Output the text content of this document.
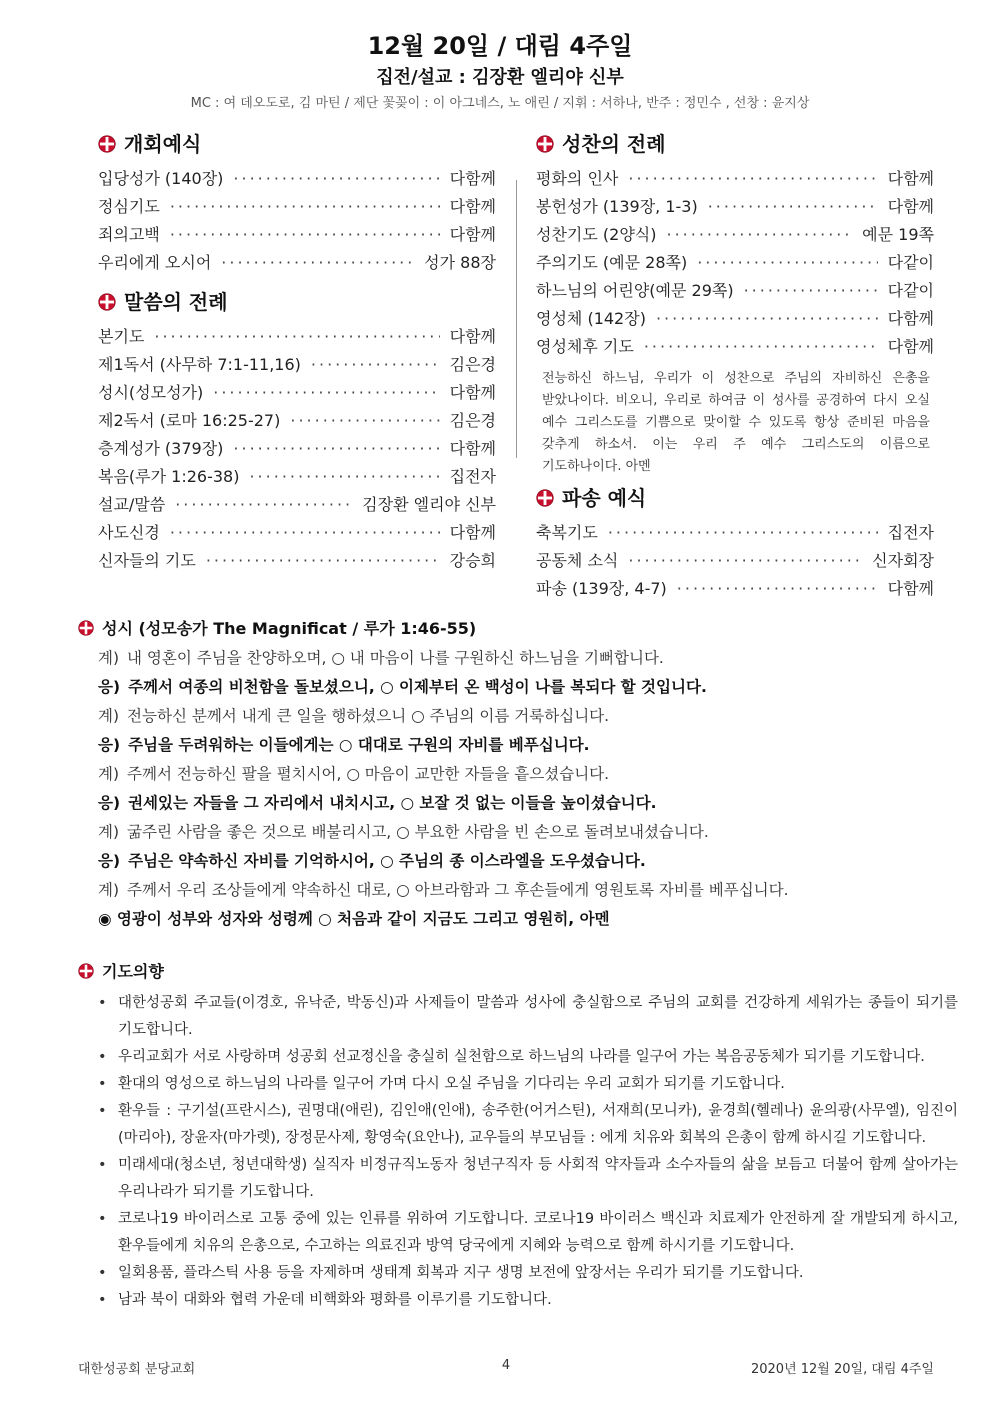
12월 20일 / 대림 4주일
집전/설교 : 김장환 엘리야 신부
MC : 여 데오도로, 김 마틴 / 제단 꽃꽂이 : 이 아그네스, 노 애린 / 지휘 : 서하나, 반주 : 정민수 , 선창 : 윤지상
개회예식
입당성가 (140장) ·····	다함께
정심기도 ·····	다함께
죄의고백 ·····	다함께
우리에게 오시어 ·····	성가 88장
말씀의 전례
본기도 ·····	다함께
제1독서 (사무하 7:1-11,16) ·····	김은경
성시(성모성가) ·····	다함께
제2독서 (로마 16:25-27) ·····	김은경
층계성가 (379장) ·····	다함께
복음(루가 1:26-38) ·····	집전자
설교/말씀 ·····	김장환 엘리야 신부
사도신경 ·····	다함께
신자들의 기도 ·····	강승희
성찬의 전례
평화의 인사 ·····	다함께
봉헌성가 (139장, 1-3) ·····	다함께
성찬기도 (2양식) ·····	예문 19쪽
주의기도 (예문 28쪽) ·····	다같이
하느님의 어린양(예문 29쪽) ·····	다같이
영성체 (142장) ·····	다함께
영성체후 기도 ·····	다함께
전능하신 하느님, 우리가 이 성찬으로 주님의 자비하신 은총을 받았나이다. 비오니, 우리로 하여금 이 성사를 공경하여 다시 오실 예수 그리스도를 기쁨으로 맞이할 수 있도록 항상 준비된 마음을 갖추게 하소서. 이는 우리 주 예수 그리스도의 이름으로 기도하나이다. 아멘
파송 예식
축복기도 ·····	집전자
공동체 소식 ·····	신자회장
파송 (139장, 4-7) ·····	다함께
성시 (성모송가 The Magnificat / 루가 1:46-55)
계) 내 영혼이 주님을 찬양하오며, ○ 내 마음이 나를 구원하신 하느님을 기뻐합니다.
응) 주께서 여종의 비천함을 돌보셨으니, ○ 이제부터 온 백성이 나를 복되다 할 것입니다.
계) 전능하신 분께서 내게 큰 일을 행하셨으니 ○ 주님의 이름 거룩하십니다.
응) 주님을 두려워하는 이들에게는 ○ 대대로 구원의 자비를 베푸십니다.
계) 주께서 전능하신 팔을 펼치시어, ○ 마음이 교만한 자들을 흩으셨습니다.
응) 권세있는 자들을 그 자리에서 내치시고, ○ 보잘 것 없는 이들을 높이셨습니다.
계) 굶주린 사람을 좋은 것으로 배불리시고, ○ 부요한 사람을 빈 손으로 돌려보내셨습니다.
응) 주님은 약속하신 자비를 기억하시어, ○ 주님의 종 이스라엘을 도우셨습니다.
계) 주께서 우리 조상들에게 약속하신 대로, ○ 아브라함과 그 후손들에게 영원토록 자비를 베푸십니다.
◉ 영광이 성부와 성자와 성령께 ○ 처음과 같이 지금도 그리고 영원히, 아멘
기도의향
• 대한성공회 주교들(이경호, 유낙준, 박동신)과 사제들이 말씀과 성사에 충실함으로 주님의 교회를 건강하게 세워가는 종들이 되기를 기도합니다.
• 우리교회가 서로 사랑하며 성공회 선교정신을 충실히 실천함으로 하느님의 나라를 일구어 가는 복음공동체가 되기를 기도합니다.
• 환대의 영성으로 하느님의 나라를 일구어 가며 다시 오실 주님을 기다리는 우리 교회가 되기를 기도합니다.
• 환우들 : 구기설(프란시스), 권명대(애린), 김인애(인애), 송주한(어거스틴), 서재희(모니카), 윤경희(헬레나) 윤의광(사무엘), 임진이(마리아), 장윤자(마가렛), 장정문사제, 황영숙(요안나), 교우들의 부모님들 : 에게 치유와 회복의 은총이 함께 하시길 기도합니다.
• 미래세대(청소년, 청년대학생) 실직자 비정규직노동자 청년구직자 등 사회적 약자들과 소수자들의 삶을 보듬고 더불어 함께 살아가는 우리나라가 되기를 기도합니다.
• 코로나19 바이러스로 고통 중에 있는 인류를 위하여 기도합니다. 코로나19 바이러스 백신과 치료제가 안전하게 잘 개발되게 하시고, 환우들에게 치유의 은총으로, 수고하는 의료진과 방역 당국에게 지혜와 능력으로 함께 하시기를 기도합니다.
• 일회용품, 플라스틱 사용 등을 자제하며 생태계 회복과 지구 생명 보전에 앞장서는 우리가 되기를 기도합니다.
• 남과 북이 대화와 협력 가운데 비핵화와 평화를 이루기를 기도합니다.
대한성공회 분당교회	4	2020년 12월 20일, 대림 4주일
